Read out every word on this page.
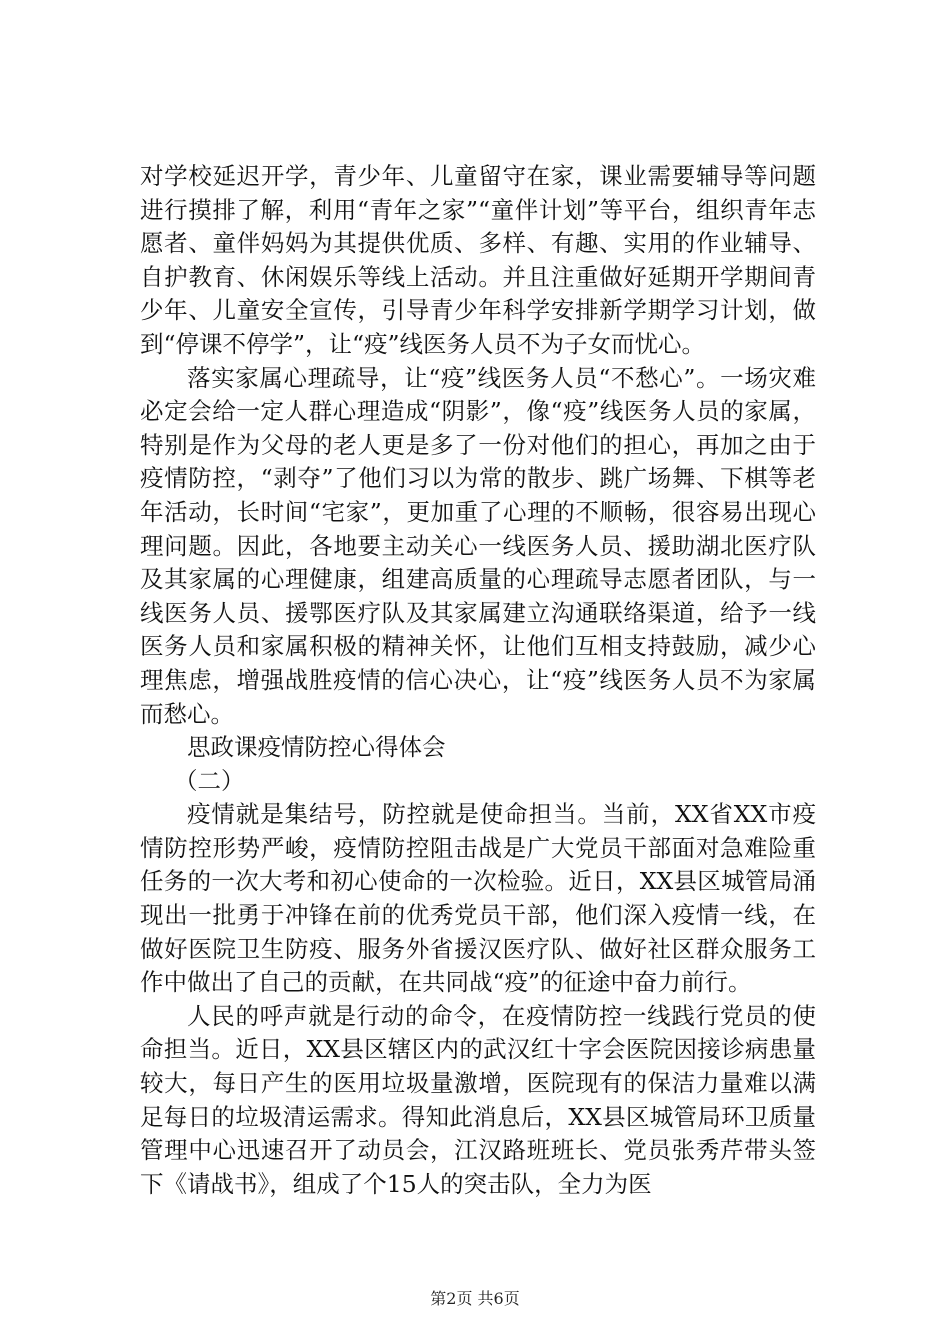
对学校延迟开学，青少年、儿童留守在家，课业需要辅导等问题进行摸排了解，利用“青年之家”“童伴计划”等平台，组织青年志愿者、童伴妈妈为其提供优质、多样、有趣、实用的作业辅导、自护教育、休闲娱乐等线上活动。并且注重做好延期开学期间青少年、儿童安全宣传，引导青少年科学安排新学期学习计划，做到“停课不停学”，让“疫”线医务人员不为子女而忧心。

落实家属心理疏导，让“疫”线医务人员“不愁心”。一场灾难必定会给一定人群心理造成“阴影”，像“疫”线医务人员的家属，特别是作为父母的老人更是多了一份对他们的担心，再加之由于疫情防控，“剥夺”了他们习以为常的散步、跳广场舞、下棋等老年活动，长时间“宅家”，更加重了心理的不顺畅，很容易出现心理问题。因此，各地要主动关心一线医务人员、援助湖北医疗队及其家属的心理健康，组建高质量的心理疏导志愿者团队，与一线医务人员、援鄂医疗队及其家属建立沟通联络渠道，给予一线医务人员和家属积极的精神关怀，让他们互相支持鼓励，减少心理焦虑，增强战胜疫情的信心决心，让“疫”线医务人员不为家属而愁心。

思政课疫情防控心得体会

（二）

疫情就是集结号，防控就是使命担当。当前，XX省XX市疫情防控形势严峻，疫情防控阻击战是广大党员干部面对急难险重任务的一次大考和初心使命的一次检验。近日，XX县区城管局涌现出一批勇于冲锋在前的优秀党员干部，他们深入疫情一线，在做好医院卫生防疫、服务外省援汉医疗队、做好社区群众服务工作中做出了自己的贡献，在共同战“疫”的征途中奋力前行。

人民的呼声就是行动的命令，在疫情防控一线践行党员的使命担当。近日，XX县区辖区内的武汉红十字会医院因接诊病患量较大，每日产生的医用垃圾量激增，医院现有的保洁力量难以满足每日的垃圾清运需求。得知此消息后，XX县区城管局环卫质量管理中心迅速召开了动员会，江汉路班班长、党员张秀芹带头签下《请战书》，组成了个15人的突击队，全力为医

第2页 共6页
